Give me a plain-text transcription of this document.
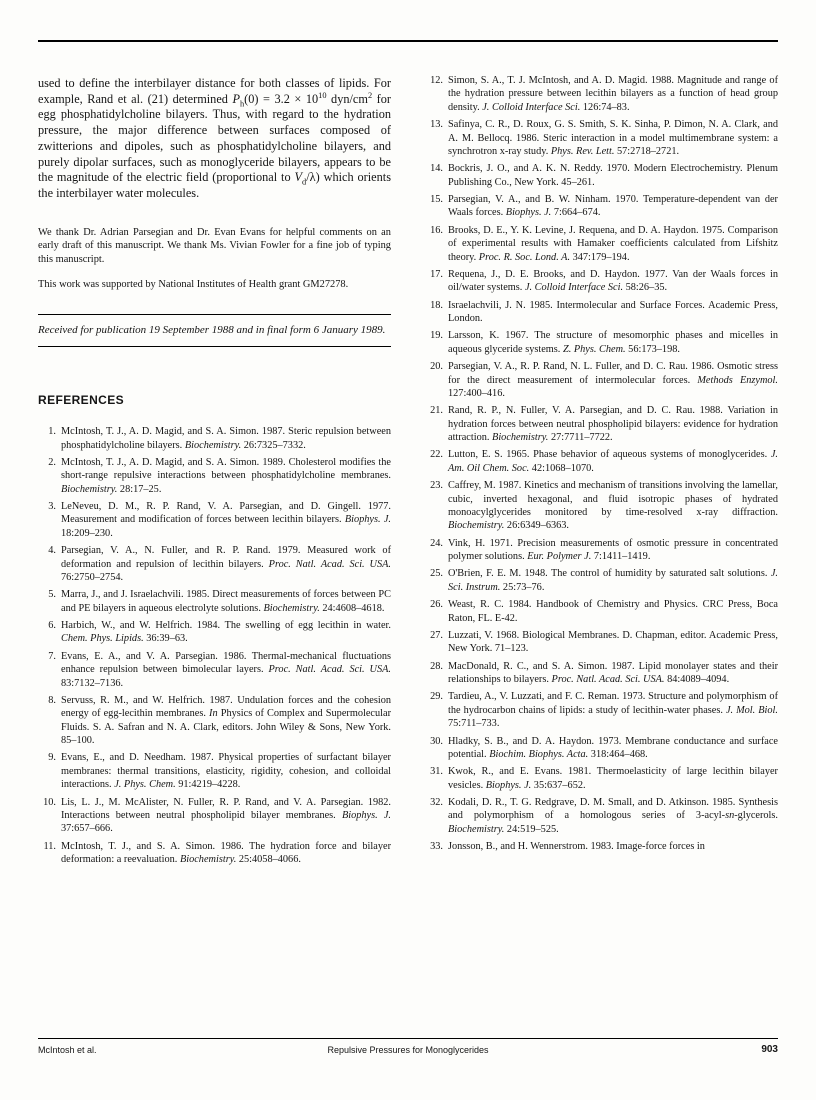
used to define the interbilayer distance for both classes of lipids. For example, Rand et al. (21) determined $P_h(0) = 3.2 \times 10^{10}$ dyn/$cm^2$ for egg phosphatidylcholine bilayers. Thus, with regard to the hydration pressure, the major difference between surfaces composed of zwitterions and dipoles, such as phosphatidylcholine bilayers, and purely dipolar surfaces, such as monoglyceride bilayers, appears to be the magnitude of the electric field (proportional to $V_d/\lambda$) which orients the interbilayer water molecules.

We thank Dr. Adrian Parsegian and Dr. Evan Evans for helpful comments on an early draft of this manuscript. We thank Ms. Vivian Fowler for a fine job of typing this manuscript.

This work was supported by National Institutes of Health grant GM27278.

Received for publication 19 September 1988 and in final form 6 January 1989.

REFERENCES
1. McIntosh, T. J., A. D. Magid, and S. A. Simon. 1987. Steric repulsion between phosphatidylcholine bilayers. Biochemistry. 26:7325–7332.
2. McIntosh, T. J., A. D. Magid, and S. A. Simon. 1989. Cholesterol modifies the short-range repulsive interactions between phosphatidylcholine membranes. Biochemistry. 28:17–25.
3. LeNeveu, D. M., R. P. Rand, V. A. Parsegian, and D. Gingell. 1977. Measurement and modification of forces between lecithin bilayers. Biophys. J. 18:209–230.
4. Parsegian, V. A., N. Fuller, and R. P. Rand. 1979. Measured work of deformation and repulsion of lecithin bilayers. Proc. Natl. Acad. Sci. USA. 76:2750–2754.
5. Marra, J., and J. Israelachvili. 1985. Direct measurements of forces between PC and PE bilayers in aqueous electrolyte solutions. Biochemistry. 24:4608–4618.
6. Harbich, W., and W. Helfrich. 1984. The swelling of egg lecithin in water. Chem. Phys. Lipids. 36:39–63.
7. Evans, E. A., and V. A. Parsegian. 1986. Thermal-mechanical fluctuations enhance repulsion between bimolecular layers. Proc. Natl. Acad. Sci. USA. 83:7132–7136.
8. Servuss, R. M., and W. Helfrich. 1987. Undulation forces and the cohesion energy of egg-lecithin membranes. In Physics of Complex and Supermolecular Fluids. S. A. Safran and N. A. Clark, editors. John Wiley & Sons, New York. 85–100.
9. Evans, E., and D. Needham. 1987. Physical properties of surfactant bilayer membranes: thermal transitions, elasticity, rigidity, cohesion, and colloidal interactions. J. Phys. Chem. 91:4219–4228.
10. Lis, L. J., M. McAlister, N. Fuller, R. P. Rand, and V. A. Parsegian. 1982. Interactions between neutral phospholipid bilayer membranes. Biophys. J. 37:657–666.
11. McIntosh, T. J., and S. A. Simon. 1986. The hydration force and bilayer deformation: a reevaluation. Biochemistry. 25:4058–4066.
12. Simon, S. A., T. J. McIntosh, and A. D. Magid. 1988. Magnitude and range of the hydration pressure between lecithin bilayers as a function of head group density. J. Colloid Interface Sci. 126:74–83.
13. Safinya, C. R., D. Roux, G. S. Smith, S. K. Sinha, P. Dimon, N. A. Clark, and A. M. Bellocq. 1986. Steric interaction in a model multimembrane system: a synchrotron x-ray study. Phys. Rev. Lett. 57:2718–2721.
14. Bockris, J. O., and A. K. N. Reddy. 1970. Modern Electrochemistry. Plenum Publishing Co., New York. 45–261.
15. Parsegian, V. A., and B. W. Ninham. 1970. Temperature-dependent van der Waals forces. Biophys. J. 7:664–674.
16. Brooks, D. E., Y. K. Levine, J. Requena, and D. A. Haydon. 1975. Comparison of experimental results with Hamaker coefficients calculated from Lifshitz theory. Proc. R. Soc. Lond. A. 347:179–194.
17. Requena, J., D. E. Brooks, and D. Haydon. 1977. Van der Waals forces in oil/water systems. J. Colloid Interface Sci. 58:26–35.
18. Israelachvili, J. N. 1985. Intermolecular and Surface Forces. Academic Press, London.
19. Larsson, K. 1967. The structure of mesomorphic phases and micelles in aqueous glyceride systems. Z. Phys. Chem. 56:173–198.
20. Parsegian, V. A., R. P. Rand, N. L. Fuller, and D. C. Rau. 1986. Osmotic stress for the direct measurement of intermolecular forces. Methods Enzymol. 127:400–416.
21. Rand, R. P., N. Fuller, V. A. Parsegian, and D. C. Rau. 1988. Variation in hydration forces between neutral phospholipid bilayers: evidence for hydration attraction. Biochemistry. 27:7711–7722.
22. Lutton, E. S. 1965. Phase behavior of aqueous systems of monoglycerides. J. Am. Oil Chem. Soc. 42:1068–1070.
23. Caffrey, M. 1987. Kinetics and mechanism of transitions involving the lamellar, cubic, inverted hexagonal, and fluid isotropic phases of hydrated monoacylglycerides monitored by time-resolved x-ray diffraction. Biochemistry. 26:6349–6363.
24. Vink, H. 1971. Precision measurements of osmotic pressure in concentrated polymer solutions. Eur. Polymer J. 7:1411–1419.
25. O'Brien, F. E. M. 1948. The control of humidity by saturated salt solutions. J. Sci. Instrum. 25:73–76.
26. Weast, R. C. 1984. Handbook of Chemistry and Physics. CRC Press, Boca Raton, FL. E-42.
27. Luzzati, V. 1968. Biological Membranes. D. Chapman, editor. Academic Press, New York. 71–123.
28. MacDonald, R. C., and S. A. Simon. 1987. Lipid monolayer states and their relationships to bilayers. Proc. Natl. Acad. Sci. USA. 84:4089–4094.
29. Tardieu, A., V. Luzzati, and F. C. Reman. 1973. Structure and polymorphism of the hydrocarbon chains of lipids: a study of lecithin-water phases. J. Mol. Biol. 75:711–733.
30. Hladky, S. B., and D. A. Haydon. 1973. Membrane conductance and surface potential. Biochim. Biophys. Acta. 318:464–468.
31. Kwok, R., and E. Evans. 1981. Thermoelasticity of large lecithin bilayer vesicles. Biophys. J. 35:637–652.
32. Kodali, D. R., T. G. Redgrave, D. M. Small, and D. Atkinson. 1985. Synthesis and polymorphism of a homologous series of 3-acyl-sn-glycerols. Biochemistry. 24:519–525.
33. Jonsson, B., and H. Wennerstrom. 1983. Image-force forces in
McIntosh et al.	Repulsive Pressures for Monoglycerides	903
